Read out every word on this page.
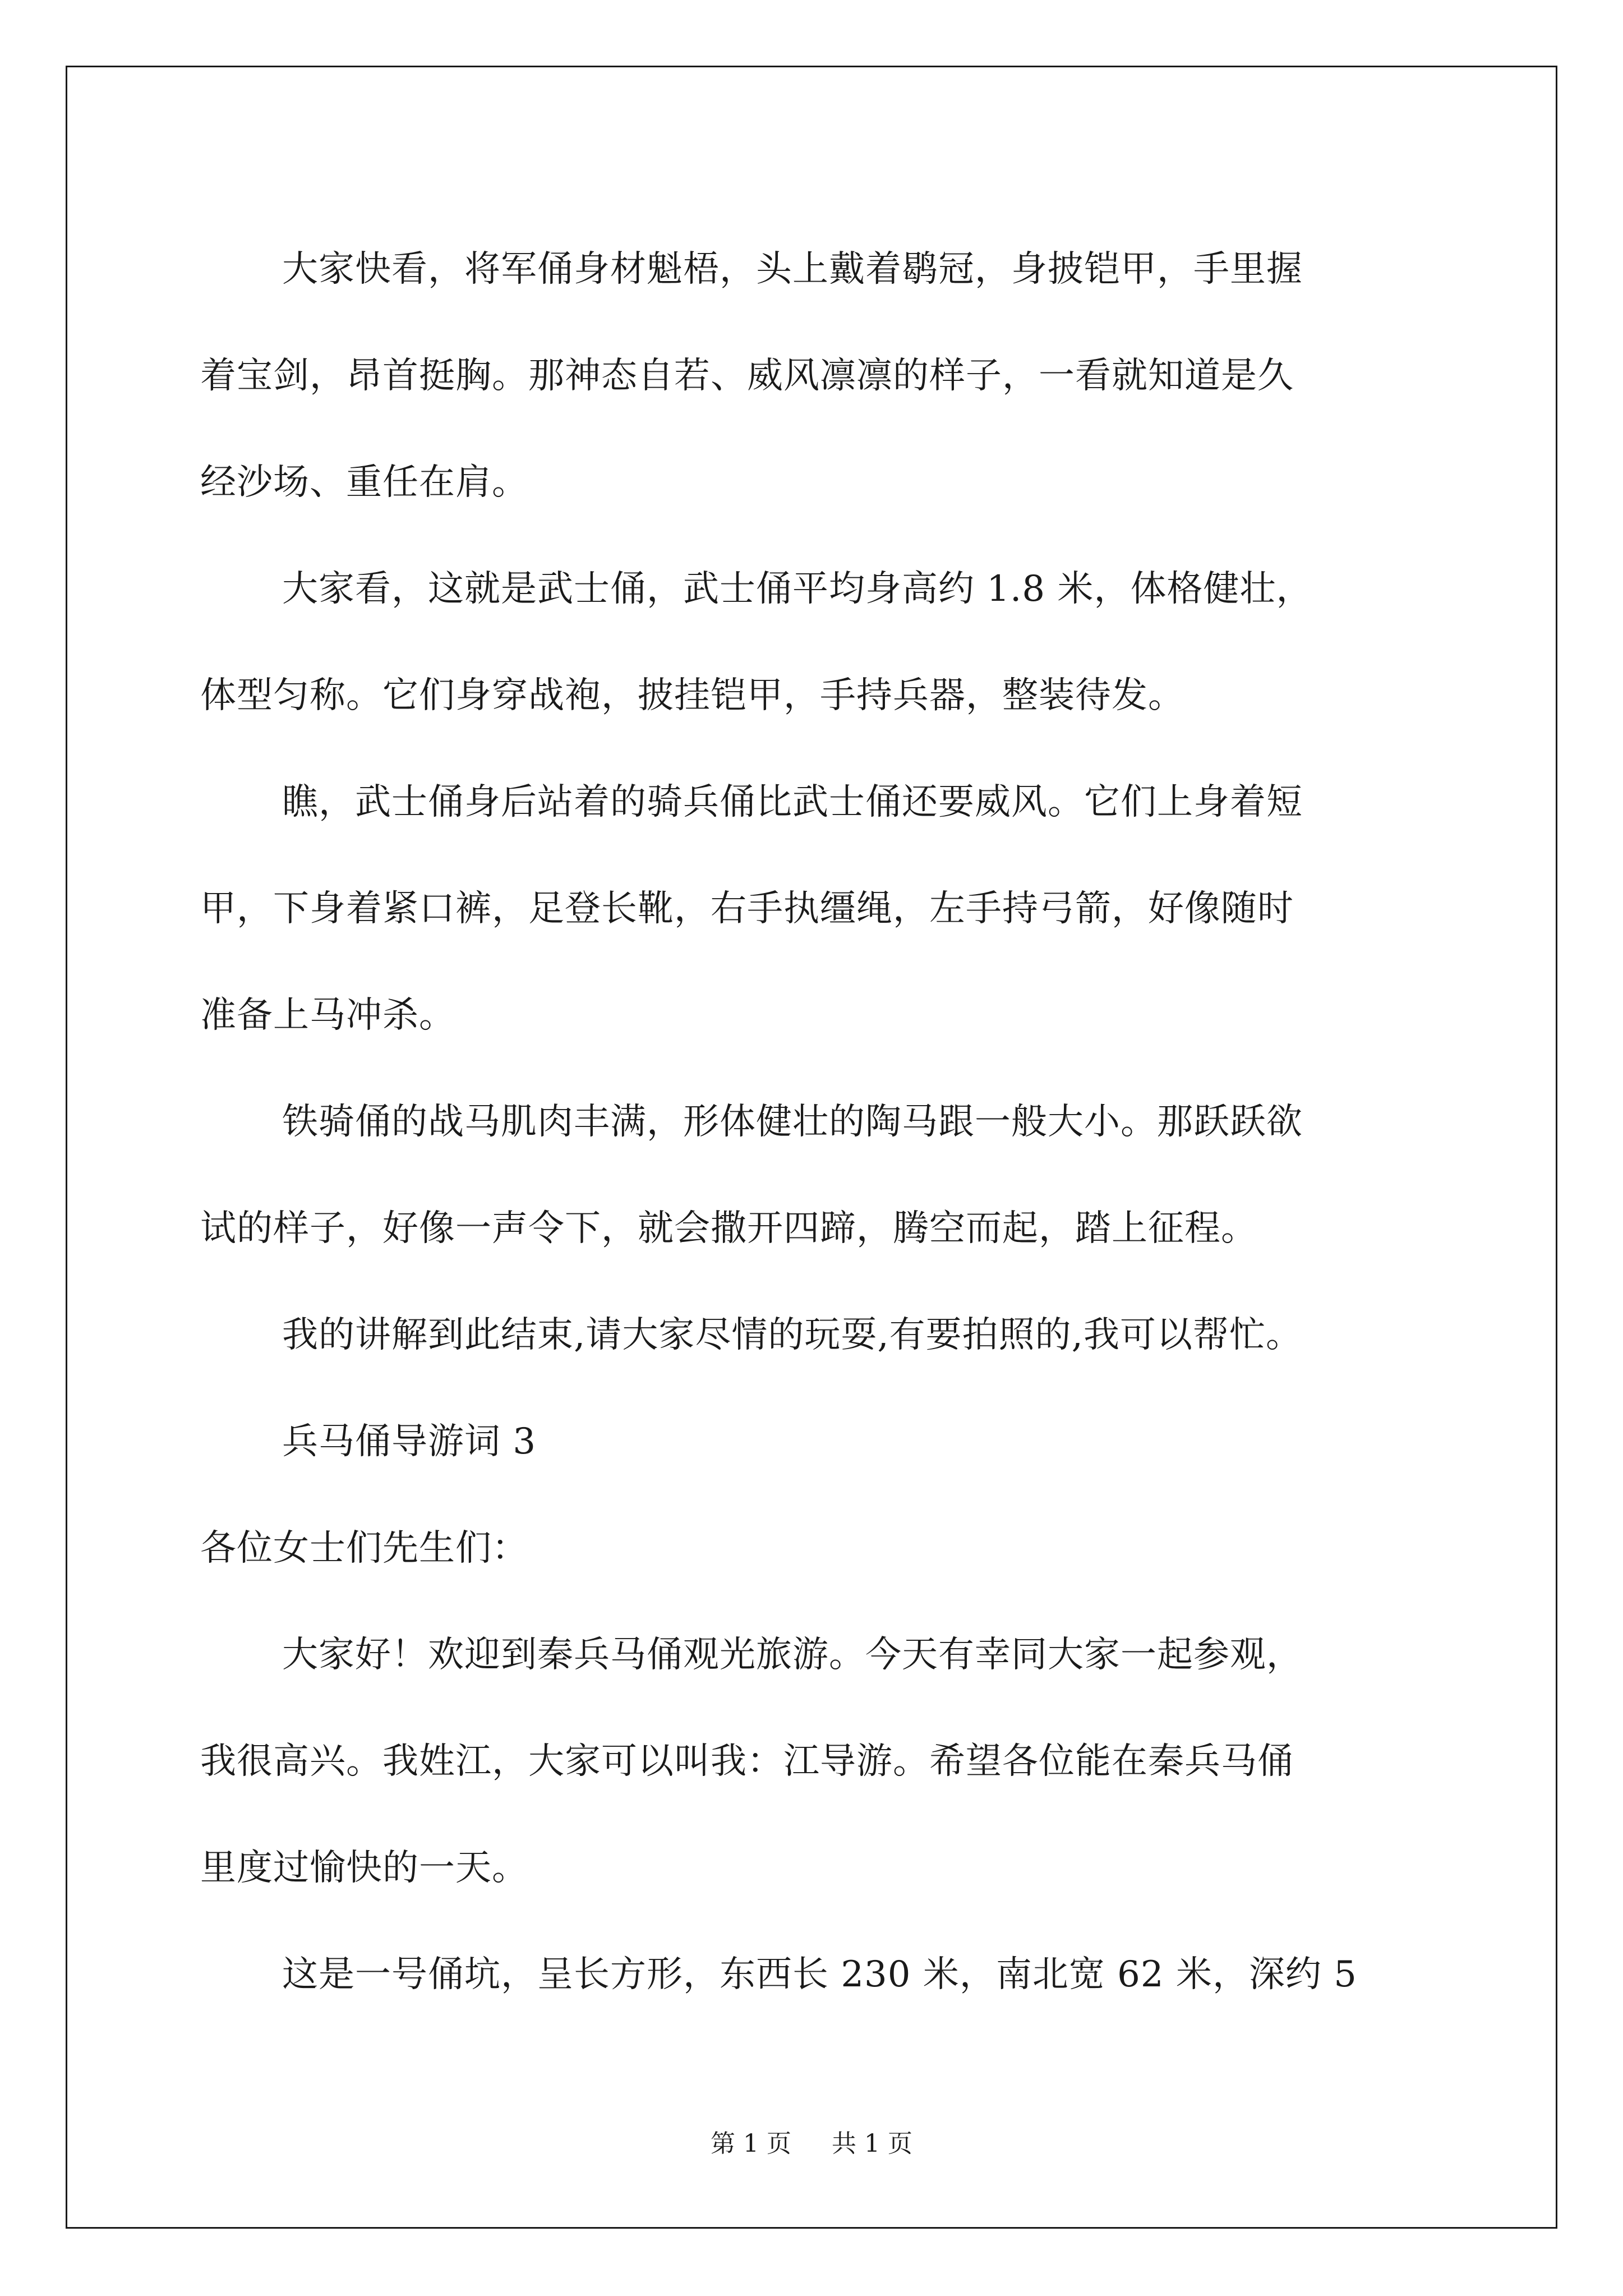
大家快看，将军俑身材魁梧，头上戴着鹖冠，身披铠甲，手里握

着宝剑，昂首挺胸。那神态自若、威风凛凛的样子，一看就知道是久

经沙场、重任在肩。

大家看，这就是武士俑，武士俑平均身高约 1.8 米，体格健壮，

体型匀称。它们身穿战袍，披挂铠甲，手持兵器，整装待发。

瞧，武士俑身后站着的骑兵俑比武士俑还要威风。它们上身着短

甲，下身着紧口裤，足登长靴，右手执缰绳，左手持弓箭，好像随时

准备上马冲杀。

铁骑俑的战马肌肉丰满，形体健壮的陶马跟一般大小。那跃跃欲

试的样子，好像一声令下，就会撒开四蹄，腾空而起，踏上征程。

我的讲解到此结束,请大家尽情的玩耍,有要拍照的,我可以帮忙。

兵马俑导游词 3

各位女士们先生们：

大家好！欢迎到秦兵马俑观光旅游。今天有幸同大家一起参观，

我很高兴。我姓江，大家可以叫我：江导游。希望各位能在秦兵马俑

里度过愉快的一天。

这是一号俑坑，呈长方形，东西长 230 米，南北宽 62 米，深约 5

第 1 页 共 1 页
